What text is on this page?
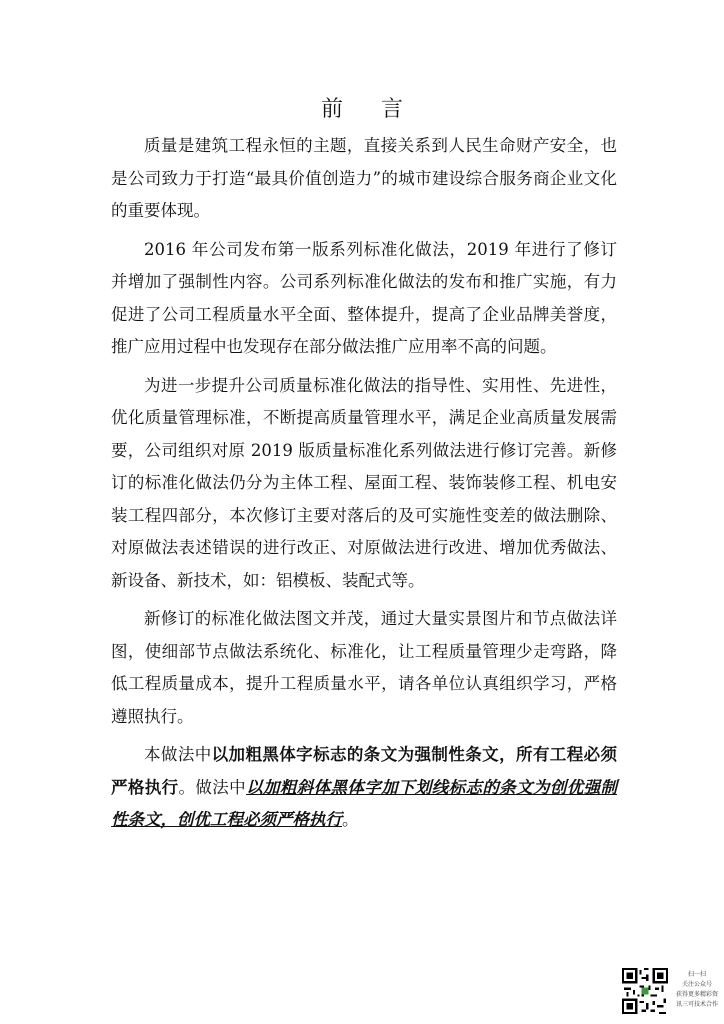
前 言

质量是建筑工程永恒的主题，直接关系到人民生命财产安全，也是公司致力于打造“最具价值创造力”的城市建设综合服务商企业文化的重要体现。

2016 年公司发布第一版系列标准化做法，2019 年进行了修订并增加了强制性内容。公司系列标准化做法的发布和推广实施，有力促进了公司工程质量水平全面、整体提升，提高了企业品牌美誉度，推广应用过程中也发现存在部分做法推广应用率不高的问题。

为进一步提升公司质量标准化做法的指导性、实用性、先进性，优化质量管理标准，不断提高质量管理水平，满足企业高质量发展需要，公司组织对原 2019 版质量标准化系列做法进行修订完善。新修订的标准化做法仍分为主体工程、屋面工程、装饰装修工程、机电安装工程四部分，本次修订主要对落后的及可实施性变差的做法删除、对原做法表述错误的进行改正、对原做法进行改进、增加优秀做法、新设备、新技术，如：铝模板、装配式等。

新修订的标准化做法图文并茂，通过大量实景图片和节点做法详图，使细部节点做法系统化、标准化，让工程质量管理少走弯路，降低工程质量成本，提升工程质量水平，请各单位认真组织学习，严格遵照执行。

本做法中以加粗黑体字标志的条文为强制性条文，所有工程必须严格执行。做法中以加粗斜体黑体字加下划线标志的条文为创优强制性条文，创优工程必须严格执行。

扫一扫
关注公众号
获得更多精彩资
讯三可技术合作
